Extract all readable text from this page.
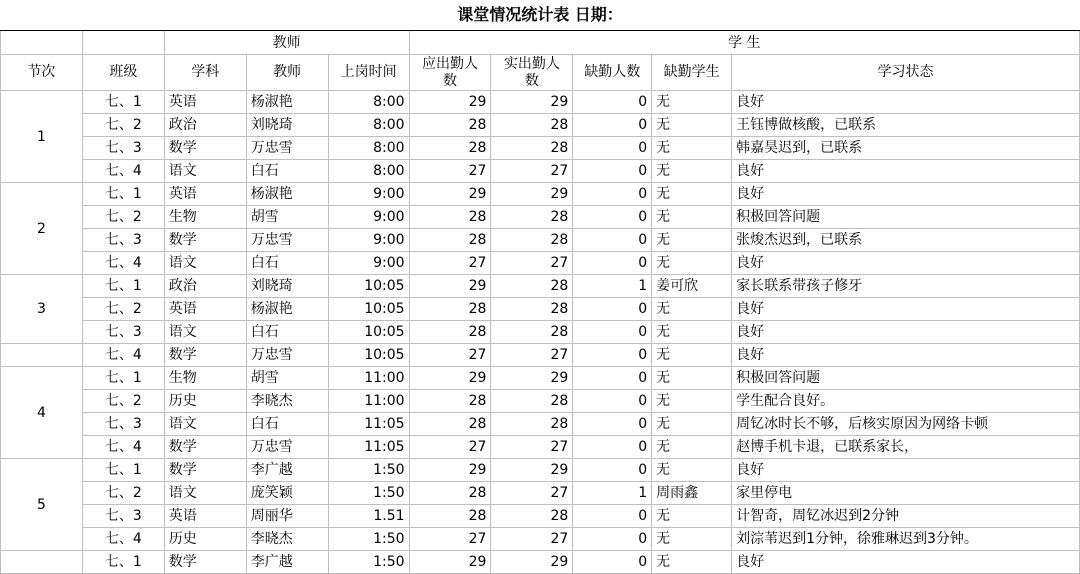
课堂情况统计表 日期：									
		教师			学 生				
节次	班级	学科	教师	上岗时间	应出勤人数	实出勤人数	缺勤人数	缺勤学生	学习状态
1	七、1	英语	杨淑艳	8:00	29	29	0	无	良好
	七、2	政治	刘晓琦	8:00	28	28	0	无	王钰博做核酸，已联系
	七、3	数学	万忠雪	8:00	28	28	0	无	韩嘉昊迟到，已联系
	七、4	语文	白石	8:00	27	27	0	无	良好
2	七、1	英语	杨淑艳	9:00	29	29	0	无	良好
	七、2	生物	胡雪	9:00	28	28	0	无	积极回答问题
	七、3	数学	万忠雪	9:00	28	28	0	无	张焌杰迟到，已联系
	七、4	语文	白石	9:00	27	27	0	无	良好
3	七、1	政治	刘晓琦	10:05	29	28	1	姜可欣	家长联系带孩子修牙
	七、2	英语	杨淑艳	10:05	28	28	0	无	良好
	七、3	语文	白石	10:05	28	28	0	无	良好
	七、4	数学	万忠雪	10:05	27	27	0	无	良好
4	七、1	生物	胡雪	11:00	29	29	0	无	积极回答问题
	七、2	历史	李晓杰	11:00	28	28	0	无	学生配合良好。
	七、3	语文	白石	11:05	28	28	0	无	周钇冰时长不够，后核实原因为网络卡顿
	七、4	数学	万忠雪	11:05	27	27	0	无	赵博手机卡退，已联系家长，
5	七、1	数学	李广越	1:50	29	29	0	无	良好
	七、2	语文	庞笑颖	1:50	28	27	1	周雨鑫	家里停电
	七、3	英语	周丽华	1.51	28	28	0	无	计智奇，周钇冰迟到2分钟
	七、4	历史	李晓杰	1:50	27	27	0	无	刘淙苇迟到1分钟，徐雅琳迟到3分钟。
	七、1	数学	李广越	1:50	29	29	0	无	良好
